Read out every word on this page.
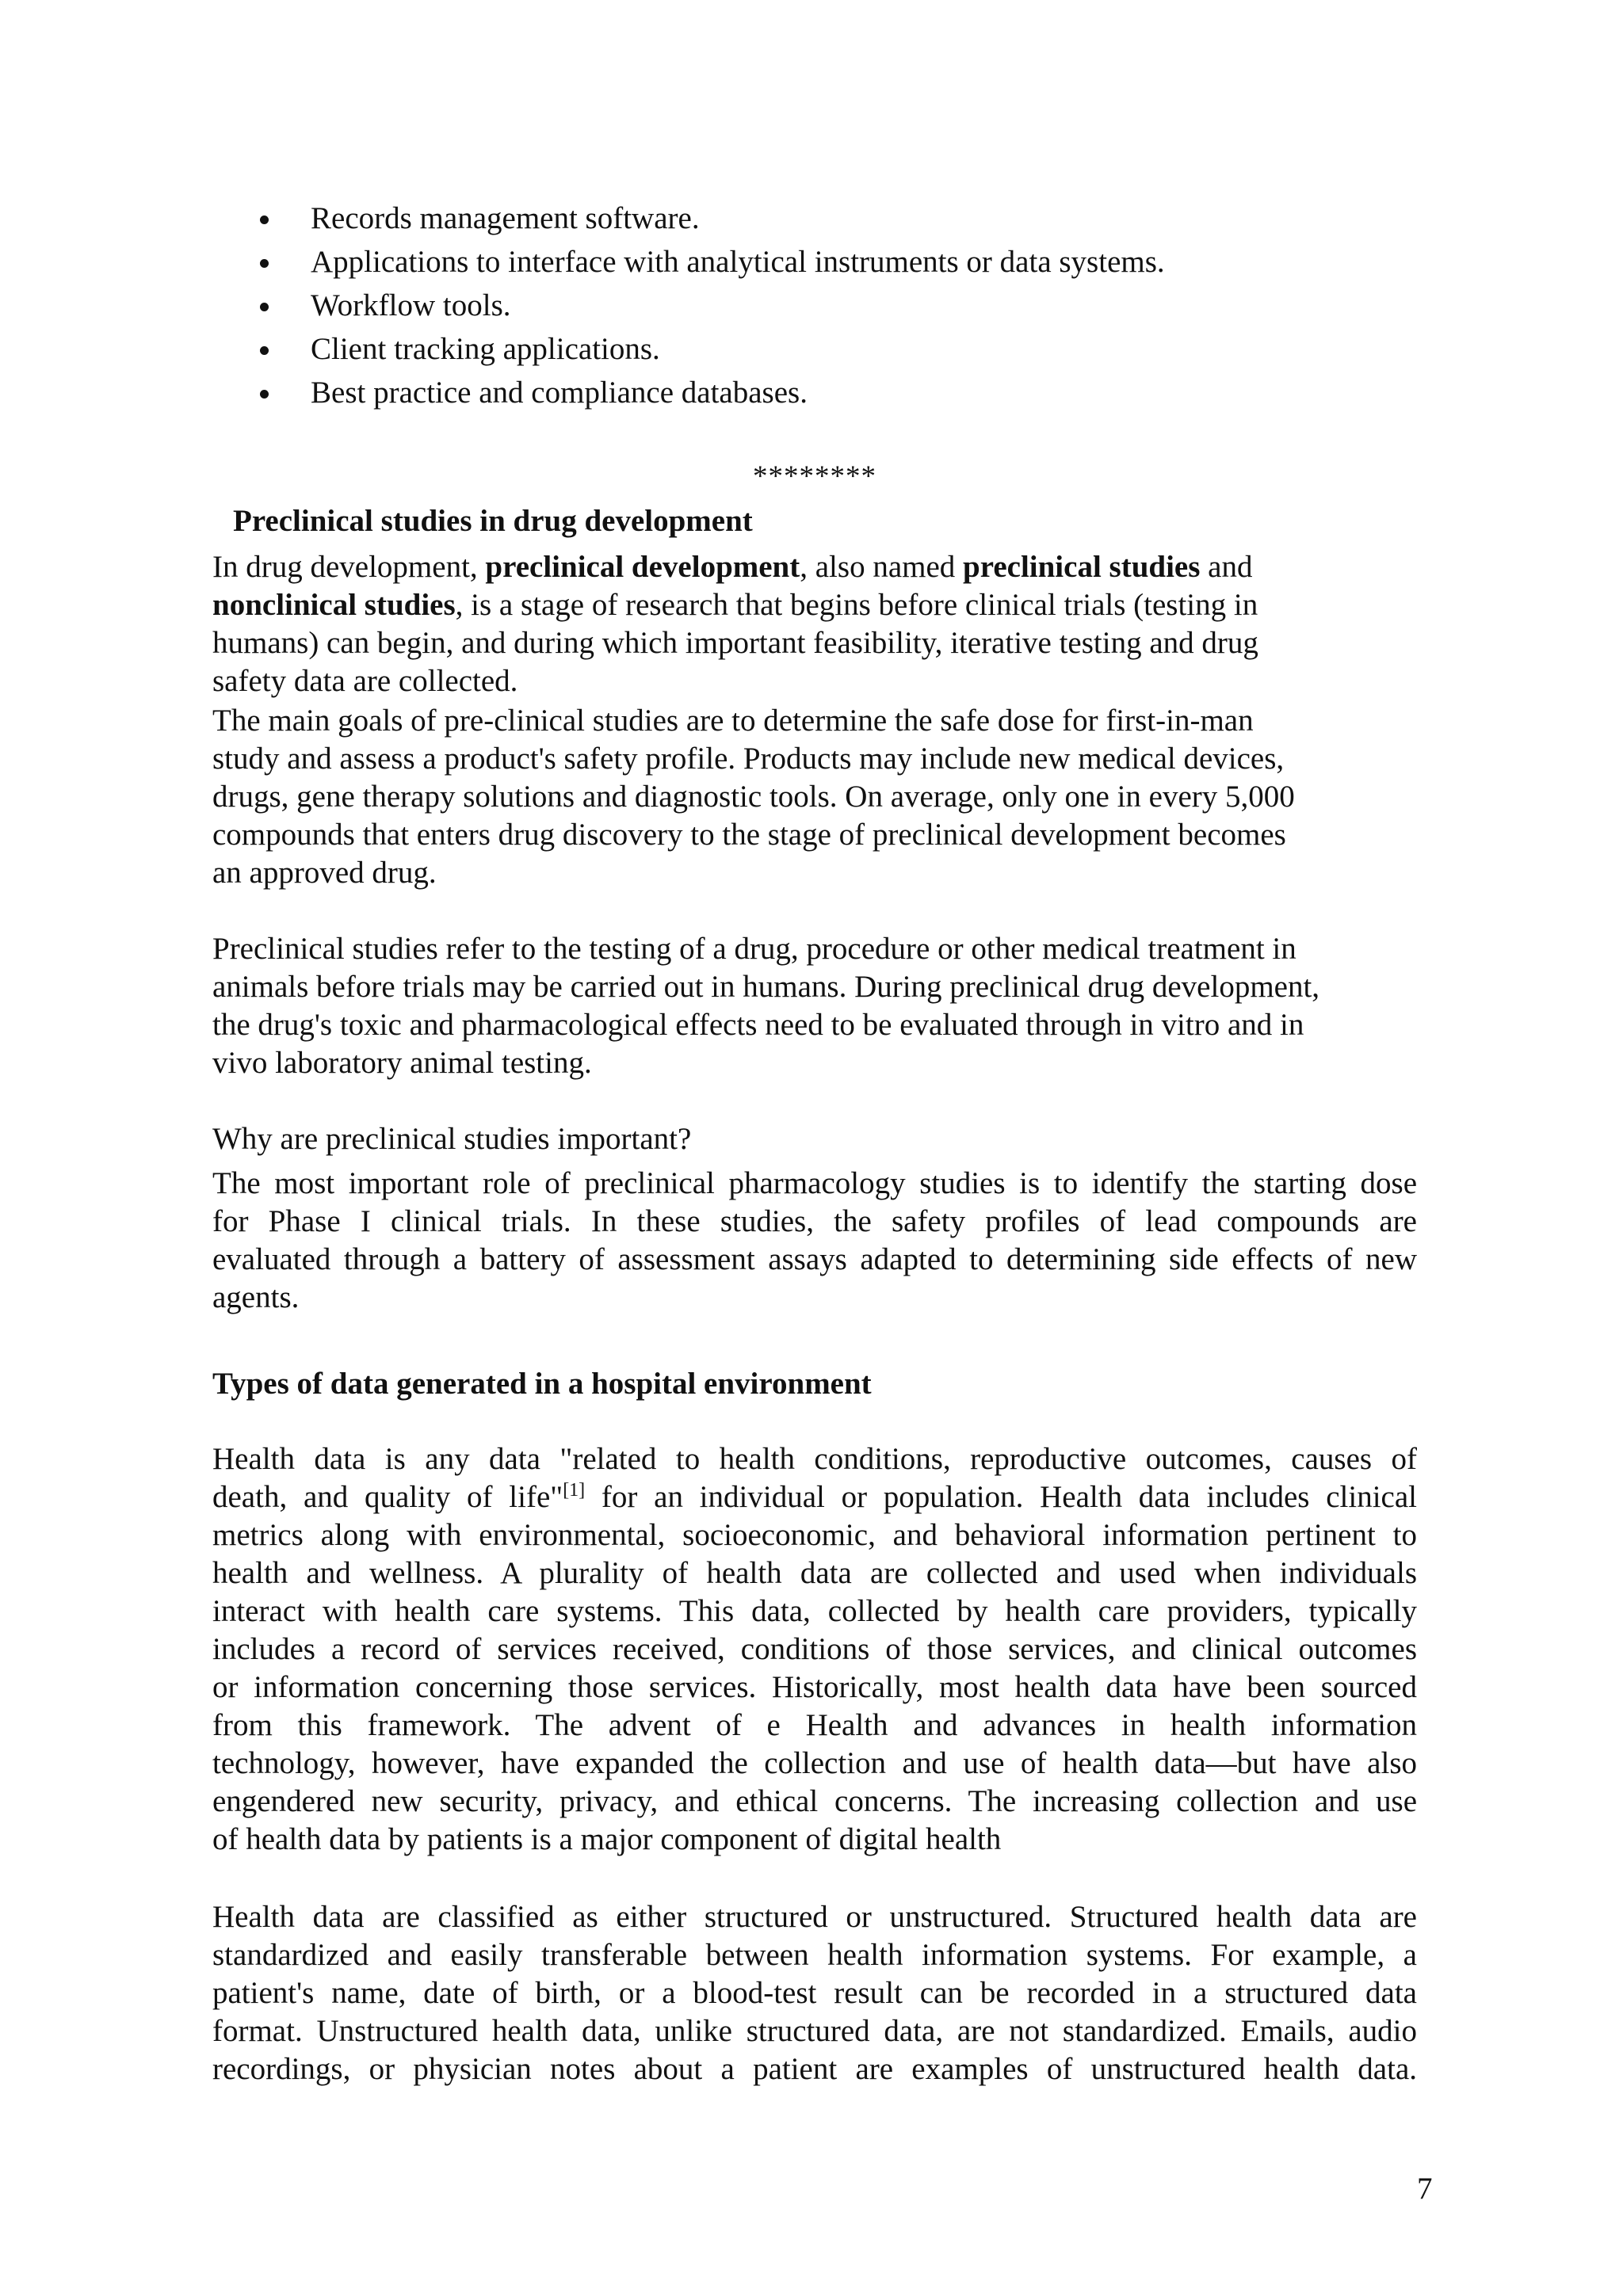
Records management software.
Applications to interface with analytical instruments or data systems.
Workflow tools.
Client tracking applications.
Best practice and compliance databases.
********
Preclinical studies in drug development
In drug development, preclinical development, also named preclinical studies and
nonclinical studies, is a stage of research that begins before clinical trials (testing in
humans) can begin, and during which important feasibility, iterative testing and drug
safety data are collected.
The main goals of pre-clinical studies are to determine the safe dose for first-in-man
study and assess a product's safety profile. Products may include new medical devices,
drugs, gene therapy solutions and diagnostic tools. On average, only one in every 5,000
compounds that enters drug discovery to the stage of preclinical development becomes
an approved drug.
Preclinical studies refer to the testing of a drug, procedure or other medical treatment in
animals before trials may be carried out in humans. During preclinical drug development,
the drug's toxic and pharmacological effects need to be evaluated through in vitro and in
vivo laboratory animal testing.
Why are preclinical studies important?
The most important role of preclinical pharmacology studies is to identify the starting dose
for Phase I clinical trials. In these studies, the safety profiles of lead compounds are
evaluated through a battery of assessment assays adapted to determining side effects of new
agents.
Types of data generated in a hospital environment
Health data is any data "related to health conditions, reproductive outcomes, causes of
death, and quality of life"[1] for an individual or population. Health data includes clinical
metrics along with environmental, socioeconomic, and behavioral information pertinent to
health and wellness. A plurality of health data are collected and used when individuals
interact with health care systems. This data, collected by health care providers, typically
includes a record of services received, conditions of those services, and clinical outcomes
or information concerning those services. Historically, most health data have been sourced
from this framework. The advent of e Health and advances in health information
technology, however, have expanded the collection and use of health data—but have also
engendered new security, privacy, and ethical concerns. The increasing collection and use
of health data by patients is a major component of digital health
Health data are classified as either structured or unstructured. Structured health data are
standardized and easily transferable between health information systems. For example, a
patient's name, date of birth, or a blood-test result can be recorded in a structured data
format. Unstructured health data, unlike structured data, are not standardized. Emails, audio
recordings, or physician notes about a patient are examples of unstructured health data.
7
